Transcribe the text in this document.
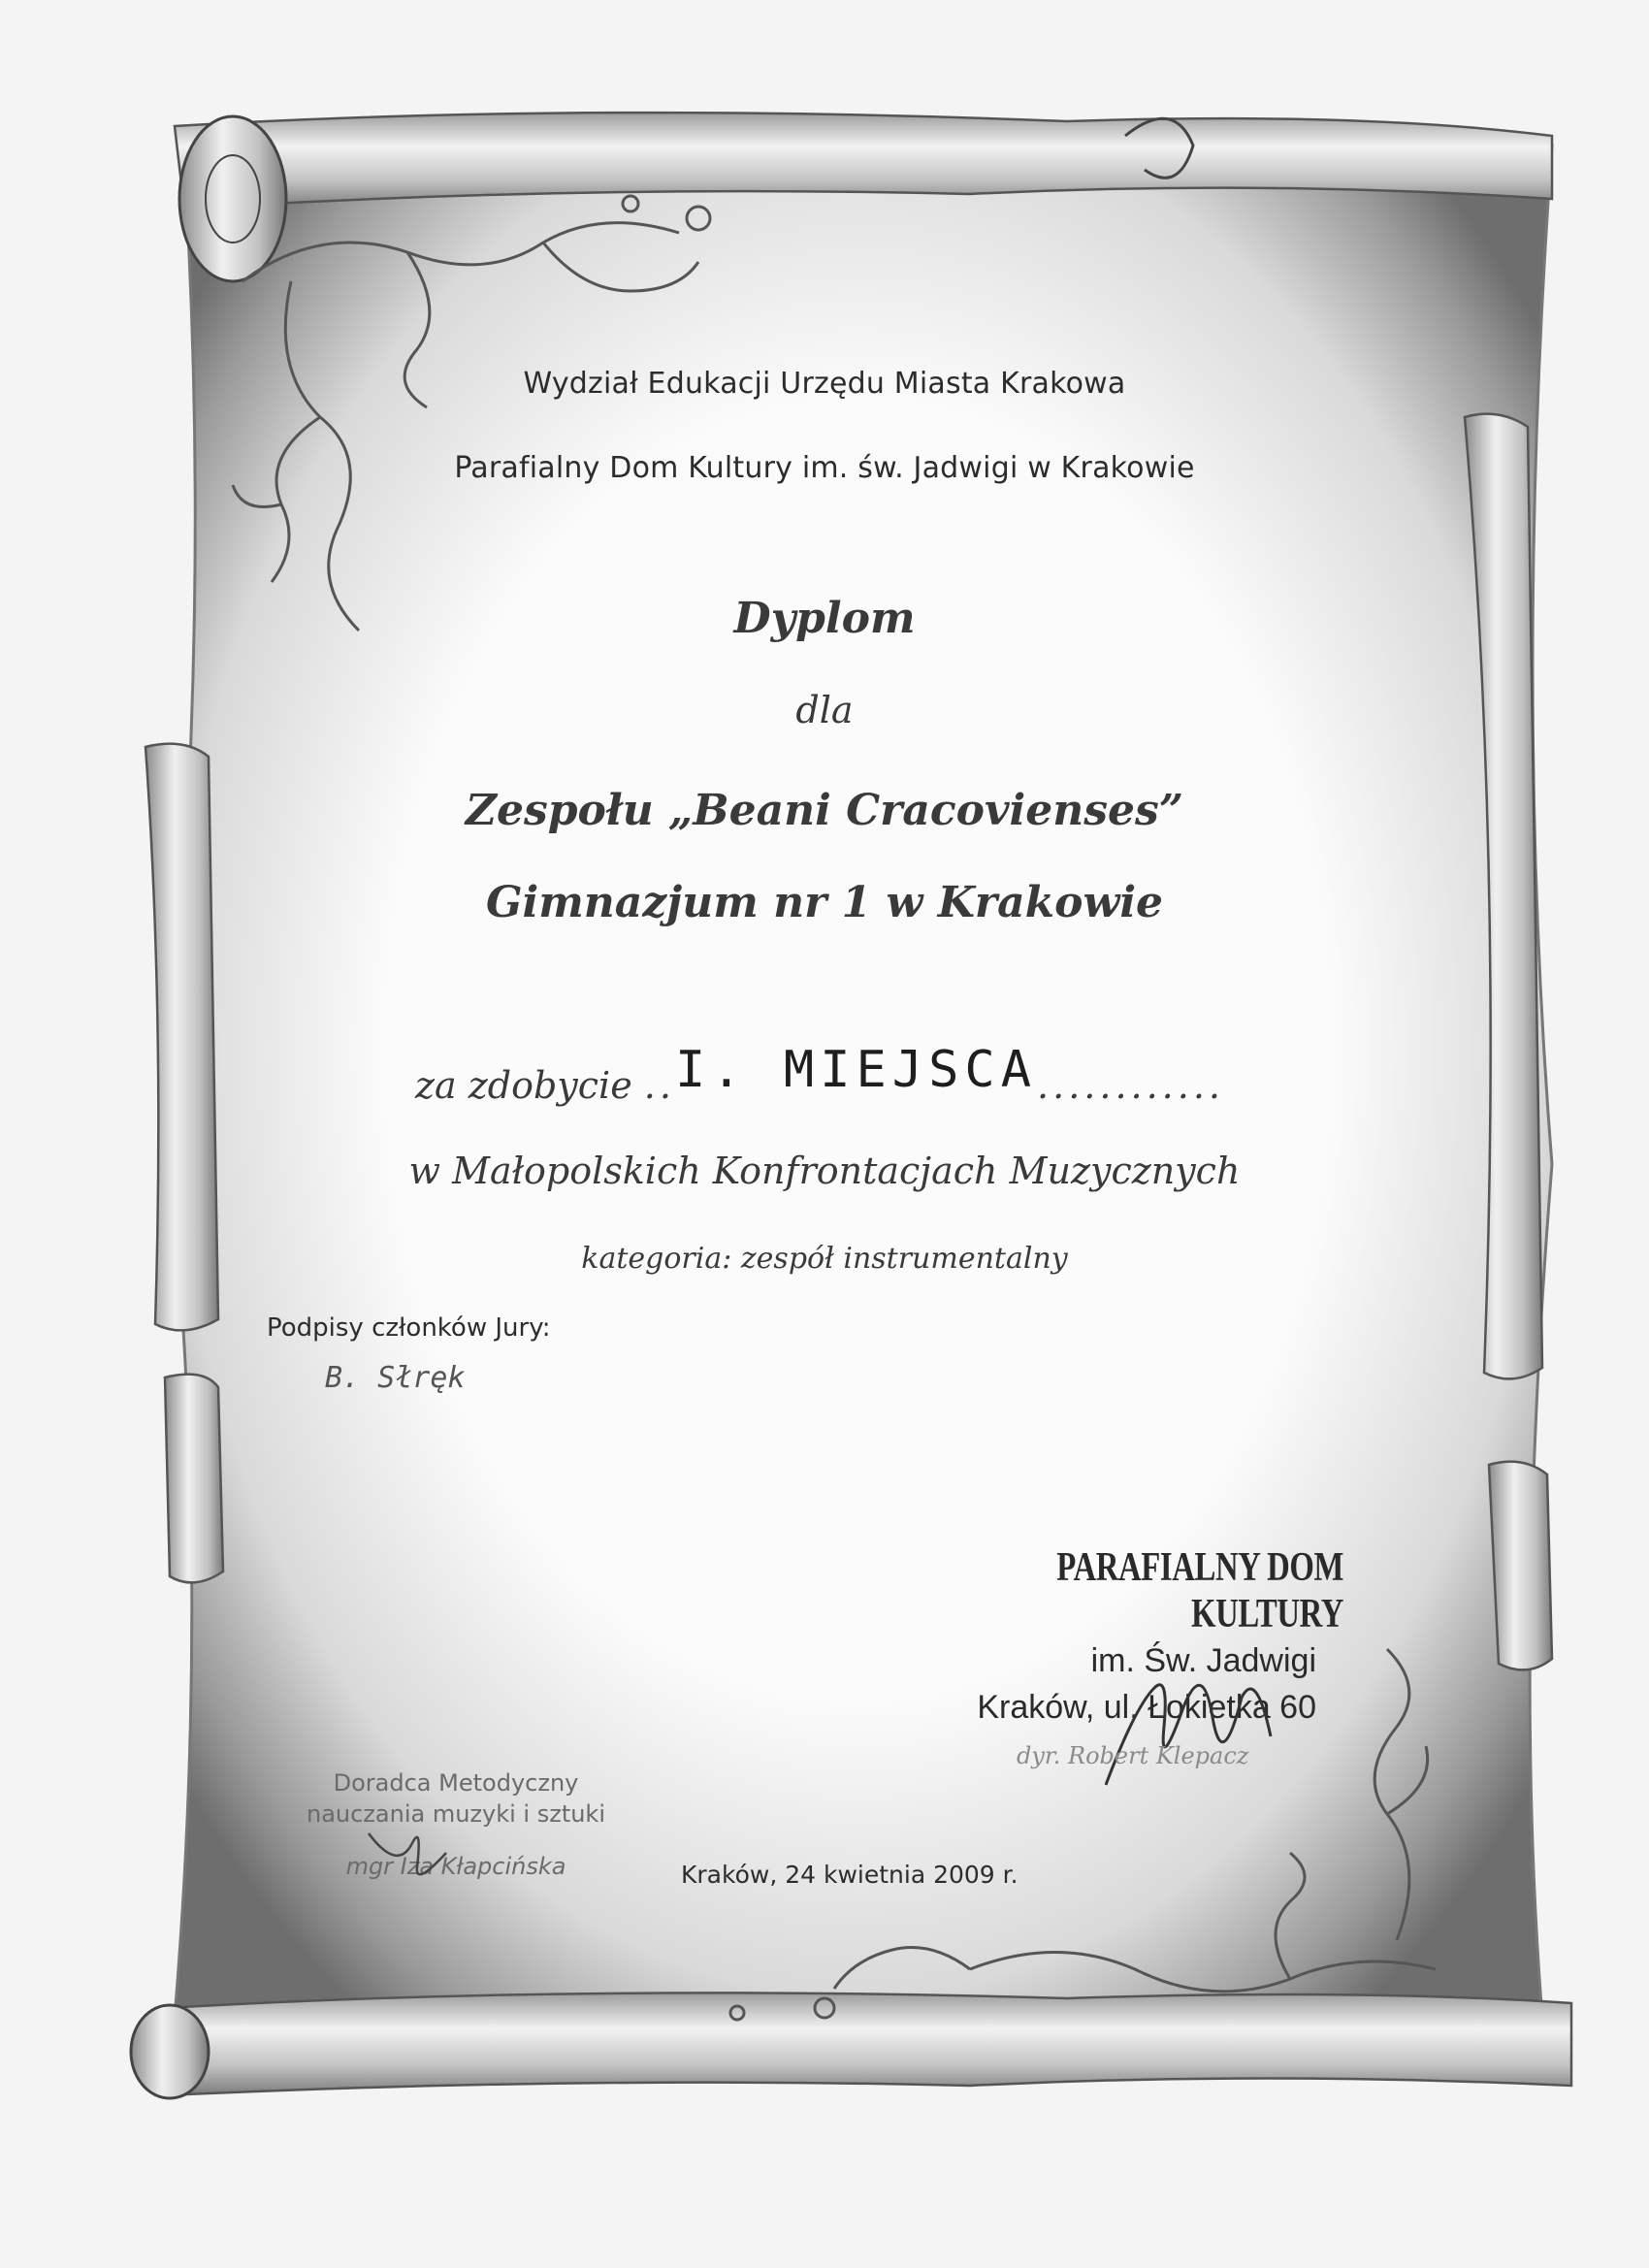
Wydział Edukacji Urzędu Miasta Krakowa
Parafialny Dom Kultury im. św. Jadwigi w Krakowie
Dyplom
dla
Zespołu „Beani Cracovienses”
Gimnazjum nr 1 w Krakowie
za zdobycie ..I. MIEJSCA............
w Małopolskich Konfrontacjach Muzycznych
kategoria: zespół instrumentalny
Podpisy członków Jury:
B. Słręk
PARAFIALNY DOM KULTURY
im. Św. Jadwigi
Kraków, ul. Łokietka 60
dyr. Robert Klepacz
Doradca Metodyczny
nauczania muzyki i sztuki
mgr Iza Kłapcińska	Kraków, 24 kwietnia 2009 r.
